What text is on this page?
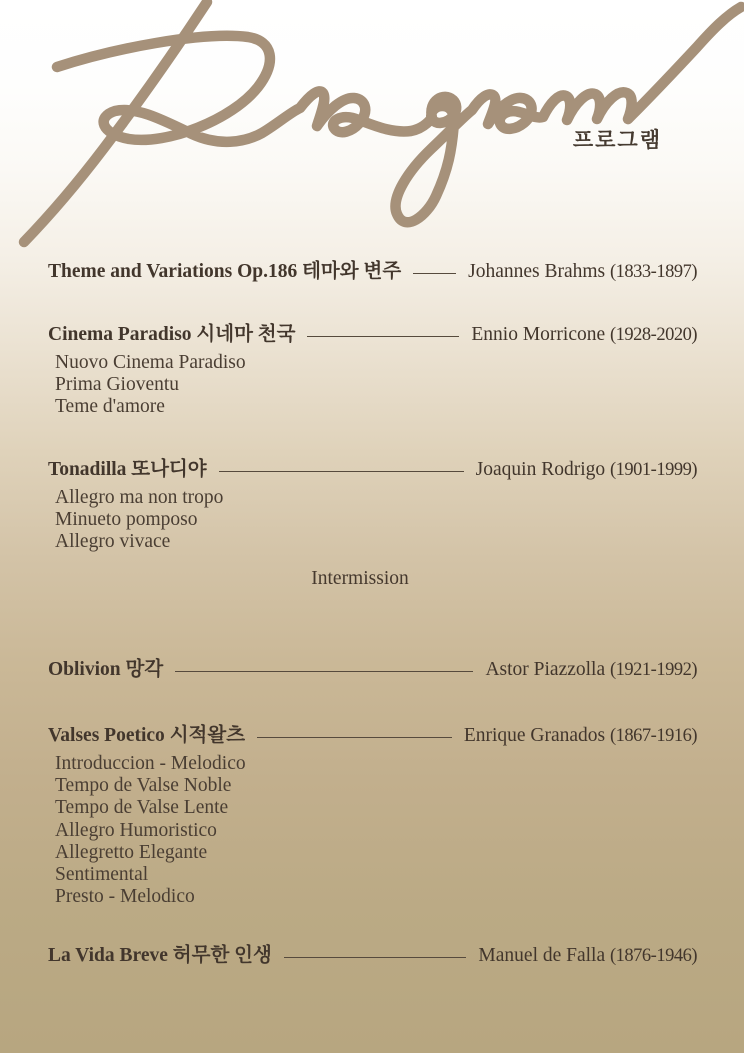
프로그램
Theme and Variations Op.186 테마와 변주	Johannes Brahms (1833-1897)
Cinema Paradiso 시네마 천국	Ennio Morricone (1928-2020)
Nuovo Cinema Paradiso
Prima Gioventu
Teme d'amore
Tonadilla 또나디야	Joaquin Rodrigo (1901-1999)
Allegro ma non tropo
Minueto pomposo
Allegro vivace
Intermission
Oblivion 망각	Astor Piazzolla (1921-1992)
Valses Poetico 시적왈츠	Enrique Granados (1867-1916)
Introduccion - Melodico
Tempo de Valse Noble
Tempo de Valse Lente
Allegro Humoristico
Allegretto Elegante
Sentimental
Presto - Melodico
La Vida Breve 허무한 인생	Manuel de Falla (1876-1946)
